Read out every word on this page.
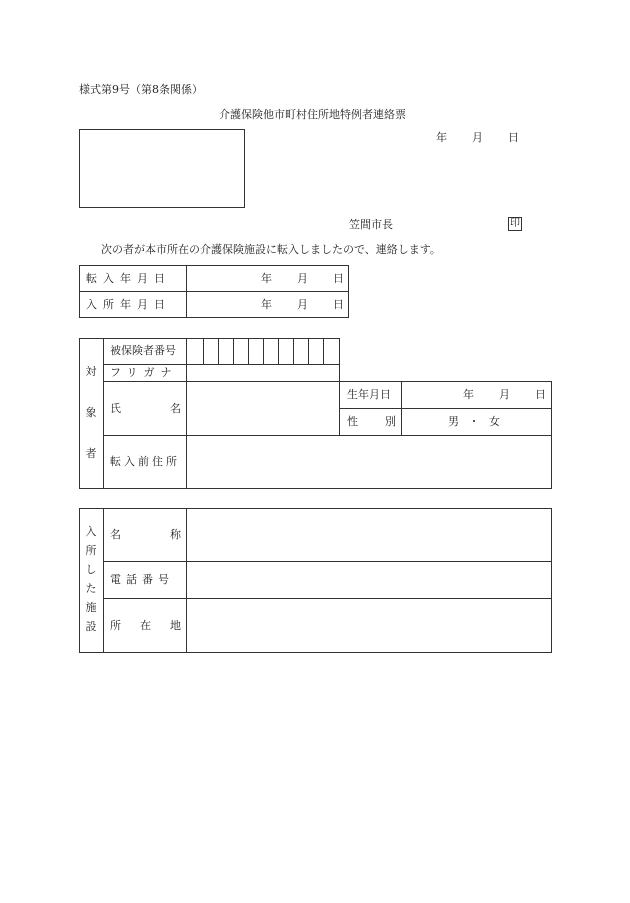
様式第9号（第8条関係）
介護保険他市町村住所地特例者連絡票
年 月 日
笠間市長	印
次の者が本市所在の介護保険施設に転入しましたので、連絡します。
転入年月日	年 月 日
入所年月日	年 月 日
対
象
者
被保険者番号
フリガナ
氏	名
生年月日	年 月 日
性 別	男 ・ 女
転入前住所
入
所
し
た
施
設
名	称
電話番号
所 在 地
